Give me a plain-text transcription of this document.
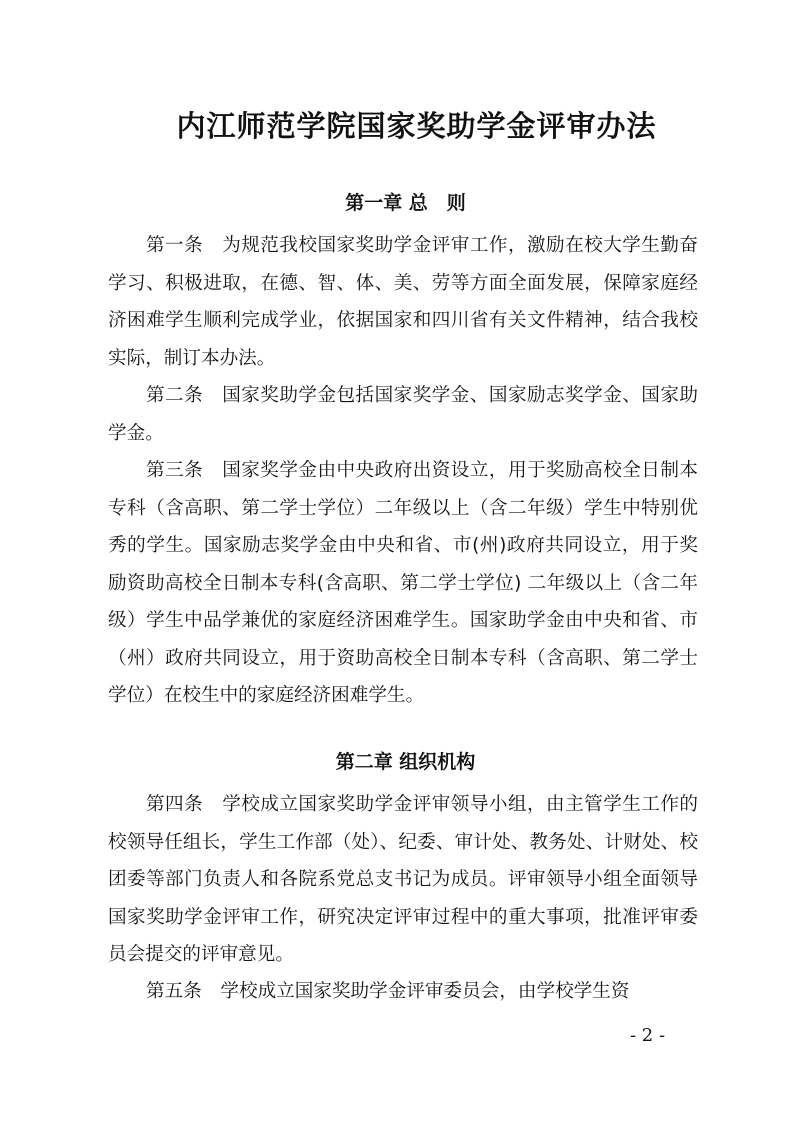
内江师范学院国家奖助学金评审办法
第一章 总　则

第一条　为规范我校国家奖助学金评审工作，激励在校大学生勤奋学习、积极进取，在德、智、体、美、劳等方面全面发展，保障家庭经济困难学生顺利完成学业，依据国家和四川省有关文件精神，结合我校实际，制订本办法。

第二条　国家奖助学金包括国家奖学金、国家励志奖学金、国家助学金。

第三条　国家奖学金由中央政府出资设立，用于奖励高校全日制本专科（含高职、第二学士学位）二年级以上（含二年级）学生中特别优秀的学生。国家励志奖学金由中央和省、市(州)政府共同设立，用于奖励资助高校全日制本专科(含高职、第二学士学位) 二年级以上（含二年级）学生中品学兼优的家庭经济困难学生。国家助学金由中央和省、市（州）政府共同设立，用于资助高校全日制本专科（含高职、第二学士学位）在校生中的家庭经济困难学生。

第二章 组织机构

第四条　学校成立国家奖助学金评审领导小组，由主管学生工作的校领导任组长，学生工作部（处）、纪委、审计处、教务处、计财处、校团委等部门负责人和各院系党总支书记为成员。评审领导小组全面领导国家奖助学金评审工作，研究决定评审过程中的重大事项，批准评审委员会提交的评审意见。

第五条　学校成立国家奖助学金评审委员会，由学校学生资

- 2 -
